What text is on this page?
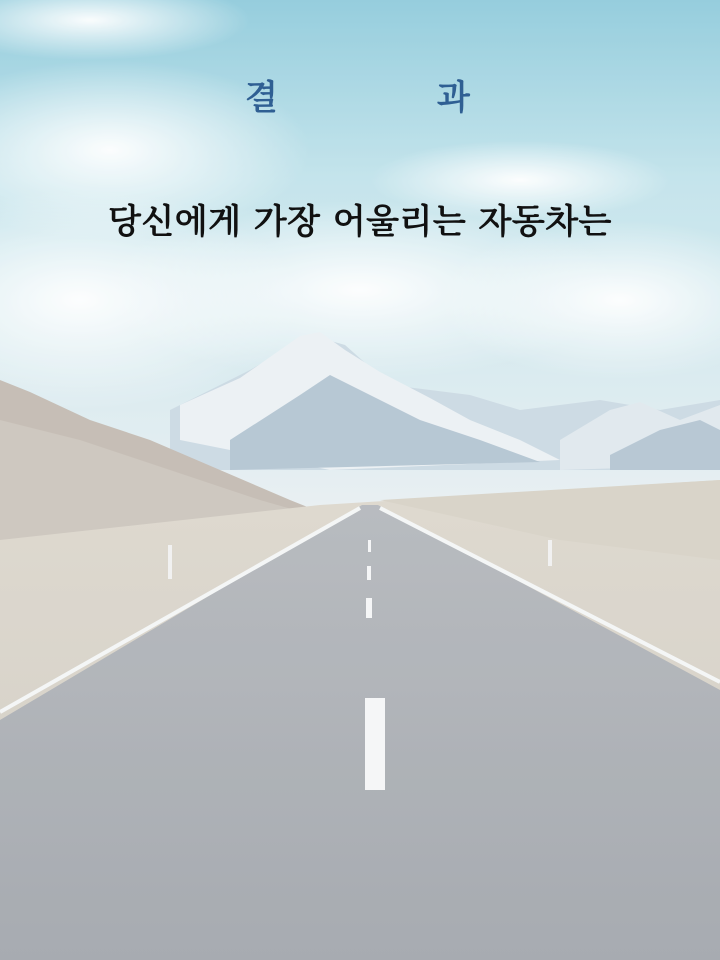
결	과
당신에게 가장 어울리는 자동차는
